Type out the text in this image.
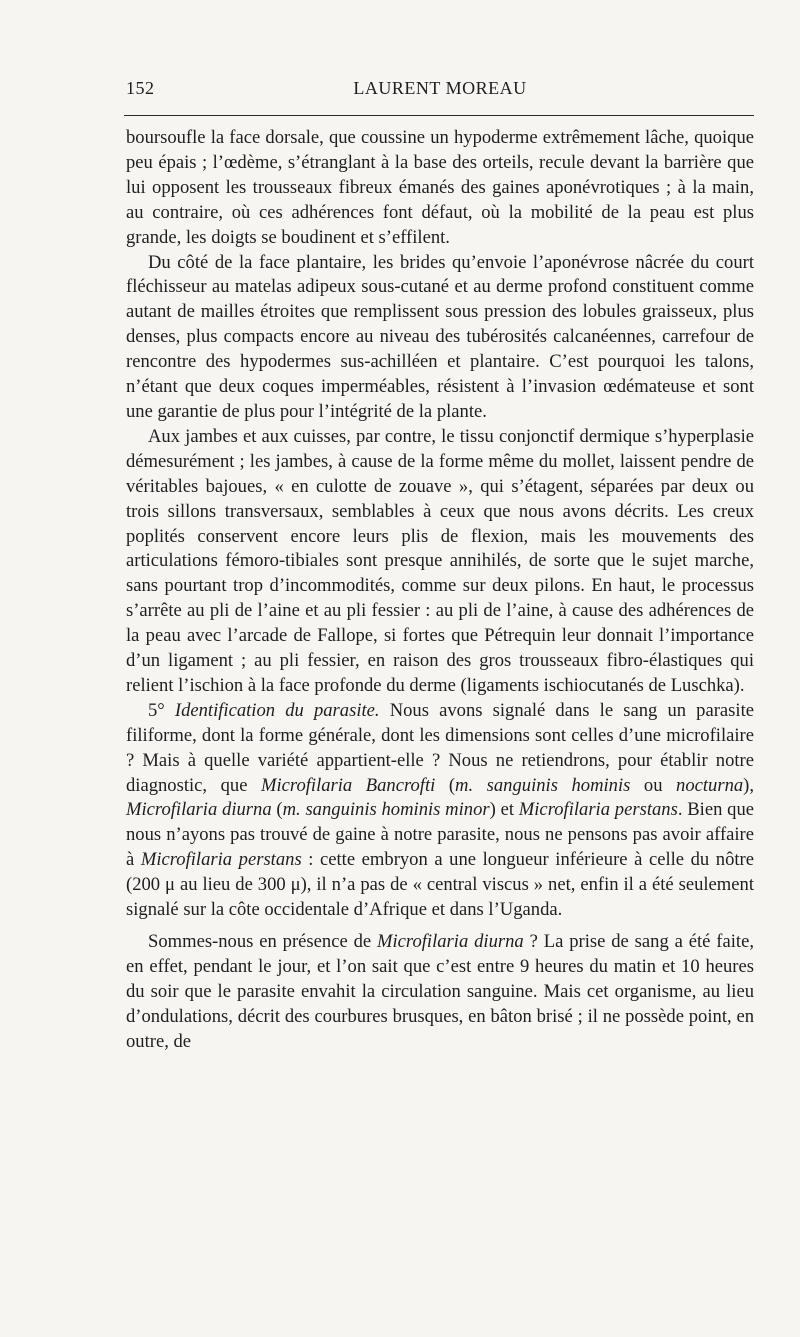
152	LAURENT MOREAU

boursoufle la face dorsale, que coussine un hypoderme extrêmement lâche, quoique peu épais ; l’œdème, s’étranglant à la base des orteils, recule devant la barrière que lui opposent les trousseaux fibreux émanés des gaines aponévrotiques ; à la main, au contraire, où ces adhérences font défaut, où la mobilité de la peau est plus grande, les doigts se boudinent et s’effilent.

Du côté de la face plantaire, les brides qu’envoie l’aponévrose nâcrée du court fléchisseur au matelas adipeux sous-cutané et au derme profond constituent comme autant de mailles étroites que remplissent sous pression des lobules graisseux, plus denses, plus compacts encore au niveau des tubérosités calcanéennes, carrefour de rencontre des hypodermes sus-achilléen et plantaire. C’est pourquoi les talons, n’étant que deux coques imperméables, résistent à l’invasion œdémateuse et sont une garantie de plus pour l’intégrité de la plante.

Aux jambes et aux cuisses, par contre, le tissu conjonctif dermique s’hyperplasie démesurément ; les jambes, à cause de la forme même du mollet, laissent pendre de véritables bajoues, « en culotte de zouave », qui s’étagent, séparées par deux ou trois sillons transversaux, semblables à ceux que nous avons décrits. Les creux poplités conservent encore leurs plis de flexion, mais les mouvements des articulations fémoro-tibiales sont presque annihilés, de sorte que le sujet marche, sans pourtant trop d’incommodités, comme sur deux pilons. En haut, le processus s’arrête au pli de l’aine et au pli fessier : au pli de l’aine, à cause des adhérences de la peau avec l’arcade de Fallope, si fortes que Pétrequin leur donnait l’importance d’un ligament ; au pli fessier, en raison des gros trousseaux fibro-élastiques qui relient l’ischion à la face profonde du derme (ligaments ischiocutanés de Luschka).

5° Identification du parasite. Nous avons signalé dans le sang un parasite filiforme, dont la forme générale, dont les dimensions sont celles d’une microfilaire ? Mais à quelle variété appartient-elle ? Nous ne retiendrons, pour établir notre diagnostic, que Microfilaria Bancrofti (m. sanguinis hominis ou nocturna), Microfilaria diurna (m. sanguinis hominis minor) et Microfilaria perstans. Bien que nous n’ayons pas trouvé de gaine à notre parasite, nous ne pensons pas avoir affaire à Microfilaria perstans : cette embryon a une longueur inférieure à celle du nôtre (200 μ au lieu de 300 μ), il n’a pas de « central viscus » net, enfin il a été seulement signalé sur la côte occidentale d’Afrique et dans l’Uganda.

Sommes-nous en présence de Microfilaria diurna ? La prise de sang a été faite, en effet, pendant le jour, et l’on sait que c’est entre 9 heures du matin et 10 heures du soir que le parasite envahit la circulation sanguine. Mais cet organisme, au lieu d’ondulations, décrit des courbures brusques, en bâton brisé ; il ne possède point, en outre, de
